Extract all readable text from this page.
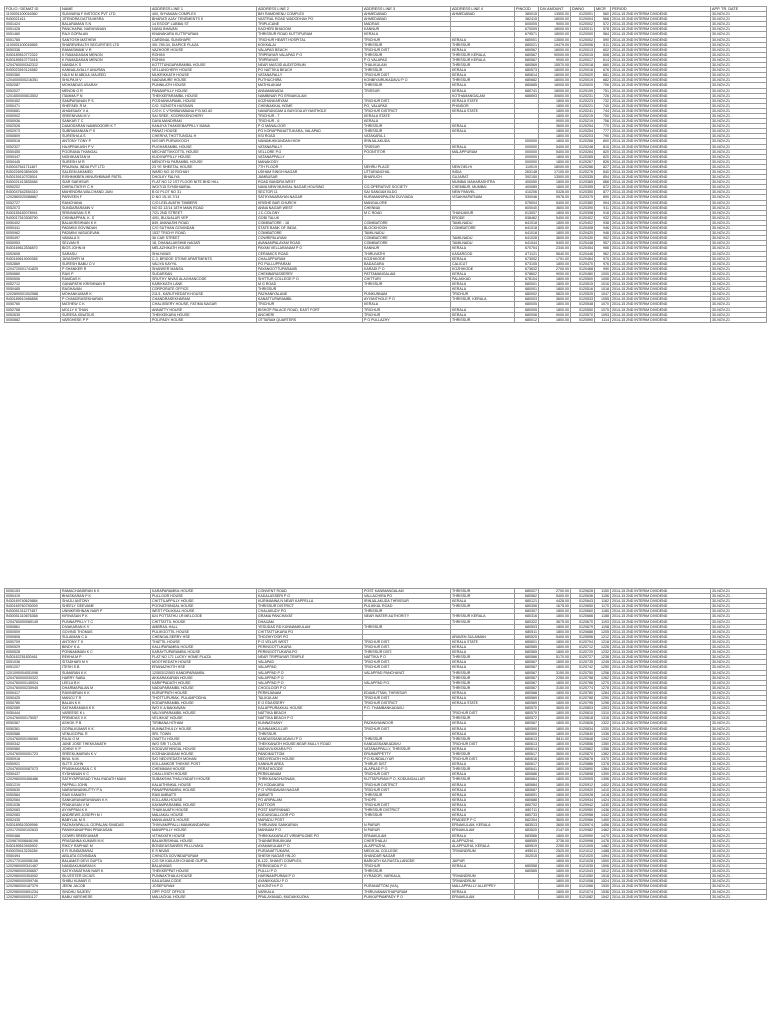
FOLIO / DEMAT ID	NAME	ADDRESS LINE 1	ADDRESS LINE 2	ADDRESS LINE 3	ADDRESS LINE 4	PINCOD	DIV.AMOUNT	DWNO	MICR	PERIOD	APP. TR. DATE
1100001100016360	SUNVARIA F INSTOCK PVT LTD	400, SHYAMAN COMPLEX	B/H RAMDHENU COMPLEX	AHMEDABAD	AHMEDABAD	380015	13500.00	0120001	560	2014-15 2ND INTERIM DIVIDEND	30-NOV-21
IN30021411	JITENDRA DATTA MISRA	BHARATI AJAY TENEMENTS 5	VASTRAL ROAD WADODHAV PO	AHMEDABAD		382415	18000.00	0120004	566	2014-15 2ND INTERIM DIVIDEND	30-NOV-21
0051424	BALARAMAN S N	14 ESOOF LUBBAI ST	TRIPLICANE	MADRAS		600005	9000.00	0120002	572	2014-15 2ND INTERIM DIVIDEND	30-NOV-21
0051428	PANCHAPAL NARAYANAN	NANU BHAVAN	KACHERI BHAGOM	KANNUR		670009	18000.00	0120011	578	2014-15 2ND INTERIM DIVIDEND	30-NOV-21
0051460	RAJI GOPALAN	KNANAKARA KUTTIPURAM	THRISSUR ROAD KUTTIPURAM	KERALA		679571	18000.00	0120000	584	2014-15 2ND INTERIM DIVIDEND	30-NOV-21
0051765	SANTOSH MATHEW	CARDINAL SUNSHAPE	TRICHUR HEART HOSPITAL	TRICHUR	KERALA	680001	13500.00	0120002	590	2014-15 2ND INTERIM DIVIDEND	30-NOV-21
1100001100016565	SHAREWEALTH SECURITIES LTD	XIII-789-34, DIAPICE PLAZA	KOKKALAI	THRISSUR	THRISSUR	680021	19479.00	0120006	611	2014-15 2ND INTERIM DIVIDEND	30-NOV-21
0050336	RAMASWAMI V R	VAZHOOR HOUSE	VALAPAD BEACH	TRICHUR DIST	KERALA	680567	18000.00	0120013	602	2014-15 2ND INTERIM DIVIDEND	30-NOV-21
IN30189510772322	K RAMADASAN MENON	ROHINI	TRIPRAYAR VALAPAD P O	THRISSUR	THRISSUR KERALA	680567	90000.00	0120015	608	2014-15 2ND INTERIM DIVIDEND	30-NOV-21
IN30189510773416	K RAMADASAN MENON	ROHINI	TRIPRAYAR	P O VALAPAD	THRISSUR KERALA	680567	9000.00	0120017	614	2014-15 2ND INTERIM DIVIDEND	30-NOV-21
1204760000342312	NANDA K S	KOTTTUNGAPARAMBIL HOUSE	NEAR MASJID AUDITORIUM	THALIKULAM	THRISSUR	680569	15570.00	0120018	660	2014-15 2ND INTERIM DIVIDEND	30-NOV-21
IN30023910124582	KANNALAYALLY ANURAN	VELLANCHERY HOUSE	PO NATTIKA BEACH	THRISSUR	KERALA	680573	18000.00	0120016	676	2014-15 2ND INTERIM DIVIDEND	30-NOV-21
0050360	HAJI M M ABDUL MAJEED	MUKRIKKATH HOUSE	VATANAPALLY	TRICHUR DIST	KERALA	680614	18000.00	0120020	681	2014-15 2ND INTERIM DIVIDEND	30-NOV-21
1204000000216351	SHILPA M V	NADUMURE HOUSE	PUTHUCHIRA	KONBIYAIRUKADAVU P O	THRISSUR	680682	18000.00	0120019	682	2014-15 2ND INTERIM DIVIDEND	30-NOV-21
0052087	MOHANDAS ASARAY	PUNNILATH HOUSE	MATHILAKAM	THRISSUR	KERALA	680685	18000.00	0120020	706	2014-15 2ND INTERIM DIVIDEND	30-NOV-21
0052027	MENON G R	PANAMPILLY HOUSE	ANNAMANADA	TRISSUR	KERALA	680741	18000.00	0120199	751	2014-15 2ND INTERIM DIVIDEND	30-NOV-21
1201650000813502	ITAMMA P N	THEKKEPARAMBIL HOUSE	NAMBINAR PO ERNAKULAM		KOTHAMANGALAM	686693	30600.00	0120231	726	2014-15 2ND INTERIM DIVIDEND	30-NOV-21
0050452	SAMPARANAN P S	POZHANKAPAMIL HOUSE	KOZHANKARYAM	TRICHUR DIST.	KERALA STATE		1800.00	0120223	732	2014-15 2ND INTERIM DIVIDEND	30-NOV-21
0050471	SHEFAEK R M	C/O. SIZNOTH HUSSAIN	CHINNAKKAL HOME	PO, VALAPAD	PHINDOR		1800.00	0120221	740	2014-15 2ND INTERIM DIVIDEND	30-NOV-21
0050681	AHAMSAAY V A	C/O K C V'SHIBAYABANA P B.NO.62	NAVARANGAM & BAYGOA AYYANTHOLE	TRICHUR DISTRICT	KERALA STATE		1800.00	0120241	744	2014-15 2ND INTERIM DIVIDEND	30-NOV-21
0050902	SREENIVAN M V	SAI SREE, KOORKKENCHERY	TRICHUR - 7	KERALA STATE			1800.00	0120215	750	2014-15 2ND INTERIM DIVIDEND	30-NOV-21
0050936	SANKAR T C	DAYA MANDIRAM	TRICHUR - 6	KERALA			9000.00	0120219	756	2014-15 2ND INTERIM DIVIDEND	30-NOV-21
0052526	DAMODARAN NAMBOODIRI K T	KANJIYA THAKKEBAPPILLY MANA	P O MANALOOR	THRISSUR	KERALA		3600.00	0120254	770	2014-15 2ND INTERIM DIVIDEND	30-NOV-21
0052973	SUBRAMANIAN P S	PANAT HOUSE	PO KORAPPANATTUKARA, VALAPAD	THRISSUR	KERALA		1800.00	0120254	777	2014-15 2ND INTERIM DIVIDEND	30-NOV-21
0050809	SURESHA A S	CHERIYA THOTTUNGAL H	KSI ROAD	VATAKARA-1			1800.00	0120203	790	2014-15 2ND INTERIM DIVIDEND	30-NOV-21
0050518	ANTONY TONY P	N/O MR.PURUKKOCH	NAVAMUKKUNDAN HIGH	IRINJALAKUDA		000000	1800.00	0120268	800	2014-15 2ND INTERIM DIVIDEND	30-NOV-21
0052327	HAJIPRAKASH P V	PUGHARAMBIL HOUSE	VATANAPALLY	TRISSUR	KERALA	000000	5400.00	0120248	810	2014-15 2ND INTERIM DIVIDEND	30-NOV-21
0050455	POORANA THANGAL	MECHATTIKKOTTIL HOUSE	VELLORE P.O	POONTITOR	MALAPPURAM	000000	5400.00	0120264	820	2014-15 2ND INTERIM DIVIDEND	30-NOV-21
0050447	NIGHIKANTAN M	KUDIYAPPILLY HOUSE	VATANAPPALLY			000000	1800.00	0120265	820	2014-15 2ND INTERIM DIVIDEND	30-NOV-21
0050445	SURESH M R	MENOTHU PARAMBIL HOUSE	MANAKODY			000000	1800.00	0120267	826	2014-15 2ND INTERIM DIVIDEND	30-NOV-21
IN30047641711467	PRAJWAL INDIA PVT LTD	23 YE SHEETAL HOUSE	7TH FLOOR	NEHRU PLACE	NEW DELHI	110019	18000.00	0120266	827	2014-15 2ND INTERIM DIVIDEND	30-NOV-21
IN30226910894005	SALEEM AHAMED	WARD NO 10 RICHAH	UDHAM SINGH NAGAR	UTTARANCHAL	INDIA	263148	17100.00	0120276	840	2014-15 2ND INTERIM DIVIDEND	30-NOV-21
IN30159110703004	RISHMIKBEN MINUSHBINAR PATEL	DHOLKY FALIYA	JAMBUSAR	BHARUCH	GUJARAT	392150	13500.00	0120335	854	2014-15 2ND INTERIM DIVIDEND	30-NOV-21
IN30021413835484	SIAR SAEHSUR	FLAT NO 12 1ST FLOOR NITE BHD HILL	ROAD BANDRA WEST		MUMBAI MAHARASHTRA	400050	1800.00	0120365	866	2014-15 2ND INTERIM DIVIDEND	30-NOV-21
0050202	DHIRAJTATHY C H	WO/7/15 SYNDHIAIRAL	NAVA NEW MUNGAL NAGAR,HOUSING	CO-OPERATIVE SOCIETY	CHEMBUR, MUMBAI	400089	1800.00	0120395	872	2014-15 2ND INTERIM DIVIDEND	30-NOV-21
IN30047642554310	MAHENDRA WALCHAND JAIN	B 02 PLOT NO 31	SECTOR 11	SAI SANGAM BLDG	NEW PANVEL	410206	5328.00	0120350	877	2014-15 2ND INTERIM DIVIDEND	30-NOV-21
1202860020088867	PARVEEN F	D NO 15-10-7/14	SATHYANARAYAN NAGAR	KURAMANIPALEM DUVVADA	VISAKHAPATNAM	530046	9576.00	0120375	890	2014-15 2ND INTERIM DIVIDEND	30-NOV-21
0052727	RANCHANA	C/O LEELAVATHI TIMBERS	KRISHE BAR CHURCH	MANGALORE		575004	5400.00	0120380	904	2014-15 2ND INTERIM DIVIDEND	30-NOV-21
0052073	SUNDARARAMN V	NO 52 12/14 18TH MAIN ROAD	ANNA NAGAR WEST	CHENNAI		600040	3600.00	0120390	911	2014-15 2ND INTERIM DIVIDEND	30-NOV-21
IN30155182078941	SRINIVASAN S R	7/21 2ND STREET	J.C.COLONY	M C ROAD	THANJAVUR	613007	1800.00	0120398	918	2014-15 2ND INTERIM DIVIDEND	30-NOV-21
IN30017510308790	CHINNAPPAN, K. S	4/91, BUJUALUR VEP	GOBI TALUK		ERODE	638462	5400.00	0120402	932	2014-15 2ND INTERIM DIVIDEND	30-NOV-21
0050402	BALAKRISHNAN K K	849, AVANASHI ROAD	COIMBATORE - 18	COIMBATORE	TAMILNADU	641018	1800.00	0120402	938	2014-15 2ND INTERIM DIVIDEND	30-NOV-21
0050441	PADMINI GOVINDAN	C/O SUTHAN GOVINDAN	STATE BANK OF INDIA	BLOCKHOON	COIMBATORE	641018	1800.00	0120408	946	2014-15 2ND INTERIM DIVIDEND	30-NOV-21
0050962	PADMINI VASUDEVAN	1537 TRICHY ROAD	COIMBATORE	TAMILNADU		641018	1800.00	0120420	946	2014-15 2ND INTERIM DIVIDEND	30-NOV-21
0050497	VAMALA S	36 CAR STREET	COWRIPALAYAM	COIMBATORE	TAMILNADU	641028	3600.00	0120430	952	2014-15 2ND INTERIM DIVIDEND	30-NOV-21
0050953	SELVAN R	18, DHANALAKSHMI NAGAR	AVANAMPALAYAM ROAD,	COIMBATORE	TAMILNADU	641044	5400.00	0120448	957	2014-15 2ND INTERIM DIVIDEND	30-NOV-21
IN30169612536870	BIGS JOHN M	MELAZHIKATH HOUSE	PAYAM VELLARANAM P O	KANNUR	KERALA	670704	2340.00	0120454	966	2014-15 2ND INTERIM DIVIDEND	30-NOV-21
0052608	SARASU	SHA NIVAS	CERAMICS ROAD	THIRUVATHI	KASARGOD	671121	5640.00	0120446	962	2014-15 2ND INTERIM DIVIDEND	30-NOV-21
IN30169614000365	JAYASHRY M	C-3, BRIDGE STONE APARTMENTS	CHALAPPURAM	KOZHIKODE	KERALA	673002	1791.00	0120464	970	2014-15 2ND INTERIM DIVIDEND	30-NOV-21
0052869	SURESH BABU O V	VALIYA KAYYIL	PO PULLUPPARAM	BADAGARA	CALICUT	673105	1800.00	0120470	976	2014-15 2ND INTERIM DIVIDEND	30-NOV-21
1204720001741825	P SHANKER R	SHANKER MANSIL	PAYANGOTTUPARAMB	KARADI P O	KOZHIKODE	673632	2700.00	0120468	990	2014-15 2ND INTERIM DIVIDEND	30-NOV-21
0050680	RAVI P	SUDARSAN	CHEMBARASSERRY	PATTAMANGALAM	KERALA	678602	9000.00	0120460	1000	2014-15 2ND INTERIM DIVIDEND	30-NOV-21
0050506	RAMDAS K	SRUTHY NIVAS ALAGHANCODE	SHITTUR COLLEGE P O	CHITTURI	PALAKKAD	678104	1800.00	0120500	1006	2014-15 2ND INTERIM DIVIDEND	30-NOV-21
0052712	GANAPATHI KRISHNAN R	KARIKKATH LANE	M G ROAD	THRISSUR	KERALA	680001	1800.00	0120515	1016	2014-15 2ND INTERIM DIVIDEND	30-NOV-21
0050485	RAGHAVAN	CORPORATE OFFICE	THRISSUR		KERALA	680001	1800.00	0120516	1018	2014-15 2ND INTERIM DIVIDEND	30-NOV-21
1202890001002588	MOHANKUMAR K	211/1, KARUTHEDATH HOUSE	PAZHANIYALANE	PUNKUNNAM	TRICHUR	680002	5820.00	0120525	1047	2014-15 2ND INTERIM DIVIDEND	30-NOV-21
IN30189510466858	P CHANDRASEKHARAN	CHANDRASEKHARAM	KANATTUPARAMBIL	AYYANTHOLE P O	THRISSUR, KERALA	680003	3600.00	0120533	1055	2014-15 2ND INTERIM DIVIDEND	30-NOV-21
0050760	MATHEW C K	CHALISSERY HOUSE, FATIMA NAGAR	TRICHUR	KERALA		680005	1800.00	0120548	1070	2014-15 2ND INTERIM DIVIDEND	30-NOV-21
0052768	MOLLY K THAN	ANNATTY HOUSE	BISHOP PALACE ROAD, EAST FORT	TRICHUR	KERALA	680005	1800.00	0120550	1075	2014-15 2ND INTERIM DIVIDEND	30-NOV-21
0052635	SURESA IGNATIUS	THEKKEKARA HOUSE	ANCHERI	TRICHUR	KERALA	680006	9000.00	0120570	1093	2014-15 2ND INTERIM DIVIDEND	30-NOV-21
0050882	VARGHESE P P	POLIPADY HOUSE	OTTARAM QUARTERS	P O PULLAZHY	THRISSUR	680012	1800.00	0120590	1114	2014-15 2ND INTERIM DIVIDEND	30-NOV-21
0050153	RAMACHANDRAN K K	KARAPARAMBIL HOUSE	CONVENT ROAD	POST KANIMANGALAM	THRISSUR	680027	2700.00	0120628	1150	2014-15 2ND INTERIM DIVIDEND	30-NOV-21
0050419	BHASKARAN P K	PULLOOR HOUSE	KADALASSERI P O	VALLACHIRA PO	THRISSUR	680562	5400.00	0120636	1156	2014-15 2ND INTERIM DIVIDEND	30-NOV-21
IN30169740629884	SHAJU ANTONY	CHITTILAPPILLY HOUSE	KURIMANNA N NEAR KAPPELLA	IRINJALAKUDA THRISSUR	KERALA	680121	4428.00	0120643	1162	2014-15 2ND INTERIM DIVIDEND	30-NOV-21
IN30169760750009	SHEELY GEEVANE	POOVATHINGAL HOUSE	THRISSUR DISTRICT	PULIKKAL ROAD	THRISSUR	680306	1675.00	0120650	1170	2014-15 2ND INTERIM DIVIDEND	30-NOV-21
IN30051311277457	UNNIKRISHNAN NAIR P	WEST POLIKKAL HOUSE	CHALAKUDY PO	THRISSUR		680307	1800.00	0120660	1180	2014-15 2ND INTERIM DIVIDEND	30-NOV-21
IN30051310676368	KIRIVASAN P K	624 POTTATHU LR MELCODE	GRAMA PANCHAYAT	NEAR WATER AUTHORITY	THRISSUR KERALA	680316	1800.00	0120666	1188	2014-15 2ND INTERIM DIVIDEND	30-NOV-21
1204760000089145	PUNNAPPILLY T C	CHITTATTIL HOUSE	DHAIJAM		THRISSUR	680322	3675.00	0120670	1193	2014-15 2ND INTERIM DIVIDEND	30-NOV-21
0050861	DIVAKARAN K V	AMBRAIL HALL	YESUDAS RD KUNNAMKULAM	THRISSUR		680503	1800.00	0120679	1198	2014-15 2ND INTERIM DIVIDEND	30-NOV-21
0050509	GOVIND THOMAS	PULIKOOTTIL HOUSE	CHITTATTUKARA PO			680511	1800.00	0120688	1205	2014-15 2ND INTERIM DIVIDEND	30-NOV-21
0050808	SULAIMAN C A	CHENGALSERRY HSE	THOZHIYOOR PO		ARAVEN SULAIMAN	680520	5400.00	0120696	1212	2014-15 2ND INTERIM DIVIDEND	30-NOV-21
0050709	ANTONY T K	THATTIL HOUSE	P O VELUR WEST	TRICHUR DIST.	KERALA STATE	680601	1800.00	0120704	1218	2014-15 2ND INTERIM DIVIDEND	30-NOV-21
0050529	BINDY K A	KALLIPARAMBIL HOUSE	PERINGOTTUKARA	TRICHUR DIST.	KERALA	680565	1800.00	0120712	1226	2014-15 2ND INTERIM DIVIDEND	30-NOV-21
0050528	PONNAMMAN K C	KARAYTUPARAMBIL HOUSE	PERINGOTTUKARA PO	THRISSUR DIST.	KERALA	680565	1800.00	0120720	1232	2014-15 2ND INTERIM DIVIDEND	30-NOV-21
IN30163781830461	REKHA M P	FLAT NO 171 LUCKY HOME PLAZA	NEAR TRIPRAYAR TEMPLE	NATTIKA P O	THRISSUR	680566	5170.00	0120727	1238	2014-15 2ND INTERIM DIVIDEND	30-NOV-21
0051036	SITADHARI M V	MOOTHEDATH HOUSE	VALAPAD	TRICHUR DIST.	KERALA	680567	1800.00	0120735	1245	2014-15 2ND INTERIM DIVIDEND	30-NOV-21
0051207	ITESH S B	ERANAZHOTH HSE	VALAPPAD	TRICHUR DIST.	KERALA	680567	1800.00	0120742	1250	2014-15 2ND INTERIM DIVIDEND	30-NOV-21
1201090004051096	SUMARAN K K	12/503/12/503 KANDIPARAMBIL	VALAPPAD P O	VALAPPAD PANCHAYAT	THRISSUR	680567	3150.00	0120750	1256	2014-15 2ND INTERIM DIVIDEND	30-NOV-21
1204760000030322	HARRY SABU	AKKARAKARAN HOUSE	VALAPPAD P O		THRISSUR	680567	2250.00	0120758	1262	2014-15 2ND INTERIM DIVIDEND	30-NOV-21
1204760000145924	LEELA B K	KARIPPADATH HOUSE	VALAPPAD P O	VALAPPAD P.O.	THRISSUR	680567	1800.00	0120766	1270	2014-15 2ND INTERIM DIVIDEND	30-NOV-21
1204760000235945	DHARMAPALAN M	NADUPARAMBIL HOUSE	CHOOLOOR P O		THRISSUR	680567	3150.00	0120774	1278	2014-15 2ND INTERIM DIVIDEND	30-NOV-21
0050417	RAVINDRAN K K	KURUPPATH HOUSE	PERINJANAM	EDAMUTTAM, THRISSUR	KERALA	680568	1800.00	0120780	1284	2014-15 2ND INTERIM DIVIDEND	30-NOV-21
0050425	MANOJ T R	THOTTUPURAK, PULAMPODHA	TALIKULAM	TRICHUR DIST	KERALA	680569	1800.00	0120788	1290	2014-15 2ND INTERIM DIVIDEND	30-NOV-21
0050780	BALAN K K	KODAPARAMBIL HOUSE	E O EDASSERY	TRICHUR DISTRICT	KERALA STATE	680569	1800.00	0120795	1296	2014-15 2ND INTERIM DIVIDEND	30-NOV-21
0052089	SATHARAMANI K K	W/O K A BAKKAVAN	KALAPPURAKKAL HOUSE	P.O. THAMBANKADAVU		680570	3600.00	0120803	1303	2014-15 2ND INTERIM DIVIDEND	30-NOV-21
0050444	VAREESE K L	VALIYAPARAMBIL HOUSE	NATTIKA BEACH		TRICHUR DIST	680570	1800.00	0120810	1310	2014-15 2ND INTERIM DIVIDEND	30-NOV-21
1204760000175057	PREMDAS V K	VELIKKAT HOUSE	NATTIKA BEACH P O		THRISSUR	680572	4500.00	0120818	1316	2014-15 2ND INTERIM DIVIDEND	30-NOV-21
0050367	ASHOK P B	TIRIBANA HITHAM	KUNNATHANY	PAZHAYANNOOR	KERALA	680587	1800.00	0120826	1322	2014-15 2ND INTERIM DIVIDEND	30-NOV-21
0050361	GOPALKUMAR K K	KUNNATHULLY HOUSE	KUNNAMKULLUR	TRICHUR DIST	KERALA	680590	1800.00	0120834	1330	2014-15 2ND INTERIM DIVIDEND	30-NOV-21
0050586	VENUGOPAL R	SRI. TOWN	THRISSUR		KERALA	680600	1800.00	0120840	1336	2014-15 2ND INTERIM DIVIDEND	30-NOV-21
1204760000196069	RAJU O M	OVATTU HOUSE	KANDASSANKADAVU P O	THRISSUR	THRISSUR	680613	5811.00	0120848	1342	2014-15 2ND INTERIM DIVIDEND	30-NOV-21
0050342	JANE JOSE THEKKANATH	W/O SRI T LOUIS	THEKKANATH HOUSE,NEAR MULLY ROAD	KANDASSANKADAVU	TRICHUR DIST	680613	1800.00	0120856	1350	2014-15 2ND INTERIM DIVIDEND	30-NOV-21
0050580	JOHNY K P	KODUVATHINGAL HOUSE	NADUVILKKARA PO	VATANAPPALLY, THRISSUR	KERALA	680614	1800.00	0120862	1356	2014-15 2ND INTERIM DIVIDEND	30-NOV-21
1204760000051723	SREEKUMARAN K V	KOZHAKANDAM HOUSE	PANDIMUTTOM	ERUMAPPETTY	THRISSUR	680617	3600.00	0120870	1362	2014-15 2ND INTERIM DIVIDEND	30-NOV-21
0050918	BINIL N.M.	S/O NEDIYEDATH MOHAN	NEDIYEDATH HOUSE	P.O.KUNDALIYUR	TRICHUR DIST.	680616	1800.00	0120878	1370	2014-15 2ND INTERIM DIVIDEND	30-NOV-21
0050921	SUTTI JOHN	KOLLAMKOR THEKKE POST	KANNUR AREA	THIRUR DIST	KERALA	680617	1800.00	0120886	1378	2014-15 2ND INTERIM DIVIDEND	30-NOV-21
1204760000087073	PRABHAKARAN C S	CHEMMANI HOUSE	PERATHOODE	ALAPAAD P O	THRISSUR	680641	1800.00	0120890	1384	2014-15 2ND INTERIM DIVIDEND	30-NOV-21
0050437	SYDHANAN K C	CHALLIYATH HOUSE	PERINJANAM	TRICHUR DIST	KERALA	680686	1800.00	0120898	1390	2014-15 2ND INTERIM DIVIDEND	30-NOV-21
1202980000456486	SATHYAPRASAD THALIYADATH MANI	SUBAKSHA THALIYADATH HOUSE	THRIKKANGHUSNAM,	KUTTAPURAM P O, KODUNGALLUR	THRISSUR	680664	1800.00	0120905	1396	2014-15 2ND INTERIM DIVIDEND	30-NOV-21
0051219	PAPPALI JOHN	KALAITHINKAL HOUSE	PO KODAKARA	TRICHUR DISTRICT	KERALA	680684	1800.00	0120912	1402	2014-15 2ND INTERIM DIVIDEND	30-NOV-21
0050630	NARAYANANKUTTY P A	PANAPPARAMBIL HOUSE	P O VRINDAVAN NAGAR	TRICHUR DIST	KERALA	680687	1800.00	0120920	1410	2014-15 2ND INTERIM DIVIDEND	30-NOV-21
0050584	RAVI KAMATH	RAVI AMBATTI	AMBATTI	THRISSUR	KERALA	680691	1800.00	0120928	1418	2014-15 2ND INTERIM DIVIDEND	30-NOV-21
0052084	SANKARANARAYANAN K K	KOLLARA HOUSE	PO ARIPALAM	THOPE	KERALA	680688	1800.00	0120934	1424	2014-15 2ND INTERIM DIVIDEND	30-NOV-21
0051036	PRAKASAN V M	KAYAMPARAMBIL HOUSE	KATTOOR	TRICHUR DIST	KERALA	680702	1800.00	0120942	1430	2014-15 2ND INTERIM DIVIDEND	30-NOV-21
0052083	AYYAPPAN K K	THAIKAUATH HOUSE	POST MURIYANAD	THRISSUR DISTRICT	KERALA	680711	1800.00	0120950	1436	2014-15 2ND INTERIM DIVIDEND	30-NOV-21
0052083	ANDREWS JOSEPH M I	MALIAKAL HOUSE	KODUNGALLOOR PO	THRISSUR	KERALA	680733	1800.00	0120958	1442	2014-15 2ND INTERIM DIVIDEND	30-NOV-21
0052435	BABYLAL M S	MANILAMATIL HOUSE	MARADU POST		PRADEEP P C	682304	3600.00	0120966	1450	2014-15 2ND INTERIM DIVIDEND	30-NOV-21
IN30189510309996	PAZHAYAPALLIL GOPALAN SIVADAS	THIVVAMPPALLI MANIKANDAPAM	THIRUVANI SANKARAN	N PARUR	ERNAKULAM, KERALA	683513	3600.00	0120974	1456	2014-15 2ND INTERIM DIVIDEND	30-NOV-21
1201720000102633	PANIKKANAPPAN PRAKASAN	MANIPPILLY HOUSE	MANNAM P O	N PARUR	ERNAKULAM	683520	2147.00	0120982	1462	2014-15 2ND INTERIM DIVIDEND	30-NOV-21
0050468	GOWRI SREEKUMAR	VITHAYATH HOUSE	THRIKKAKARA AT VIRIMPILOME PO	ERNAKULAM	KERALA	683566	1800.00	0120990	1470	2014-15 2ND INTERIM DIVIDEND	30-NOV-21
1209870006846196	PRASANNA KUMARI M K	BALAKRISHNAL HOUSE	THANNERMUKKAM	CHERTHALAI	ALAPPUZHA	688555	3736.00	0120998	1476	2014-15 2ND INTERIM DIVIDEND	30-NOV-21
IN30189510945902	RIKCY RAPHAE M	BONDEASSANRIS PILLUYAKA	AYAMAKULAM P O	ALAPPUZHA	ALAPPUZHA, KERALA	689519	2250.00	0121005	1482	2014-15 2ND INTERIM DIVIDEND	30-NOV-21
IN30039413226284	E R SUNDARARAJ	E S NIVAS	PURANATTUKARA	MEDICAL COLLEGE	TRIVANDRUM	695011	2520.00	0121012	1488	2014-15 2ND INTERIM DIVIDEND	30-NOV-21
0050494	ABILATA GOVINDAN	CHINOTA GOVINDAPURAM	SHESH NAGAR HN-20	SHANDAR NAGAR		302015	1800.00	0121020	1494	2014-15 2ND INTERIM DIVIDEND	30-NOV-21
1201770100058156	BALAMATI DEVI GUPTA	C/O SH KAILASH CHAND GUPTA	B-122, SHANTI COMPLEX,	BARKATH KA RASTA,LANGDE	JAIPUR		1800.00	0121028	1500	2014-15 2ND INTERIM DIVIDEND	30-NOV-21
1202980000341467	NANDAKUMARAN K	BALANIVAS	PERINGADU P O	TRICHUR	KERALA	680558	1800.00	0121035	1506	2014-15 2ND INTERIM DIVIDEND	30-NOV-21
1202980000306657	SATHYANATHAN NAIR K	THEKKEPPAT HOUSE	PULLU P O	THRISSUR		680565	1800.00	0121043	1512	2014-15 2ND INTERIM DIVIDEND	30-NOV-21
1202980000354052	SILVESTER DICIUS	PUNNAKTHALA HOUSE	HARINAMPURAM P O	KYRADOR, VARKALA,	TRIVANDRUM		1800.00	0121050	1518	2014-15 2ND INTERIM DIVIDEND	30-NOV-21
1202980000059746	SHIBU KUMAR G	KAILASAM,CODE	AYANIKKADU P O		TRIVANDRUM		1800.00	0121058	1524	2014-15 2ND INTERIM DIVIDEND	30-NOV-21
1202980000187379	JEENI JACOB	JOSEPURAM	M.KONTHI P O	PURANATTOM (VIA),	MALLAPPALLY ALLEPPEY		1800.00	0121066	1530	2014-15 2ND INTERIM DIVIDEND	30-NOV-21
1202980000691234	SINDHU SAJEEV	OPP. POST OFFICE	VARKALA	THIRUVANANTHAPURAM	KERALA		1800.00	0121074	1536	2014-15 2ND INTERIM DIVIDEND	30-NOV-21
1202980000051127	BABU VARGHESE	MALIACKAL HOUSE	PRALAYANAD, MUDAKKUZHA	PUKKUPPAMPADY P O	ERNAKULAM		1800.00	0121082	1542	2014-15 2ND INTERIM DIVIDEND	30-NOV-21
